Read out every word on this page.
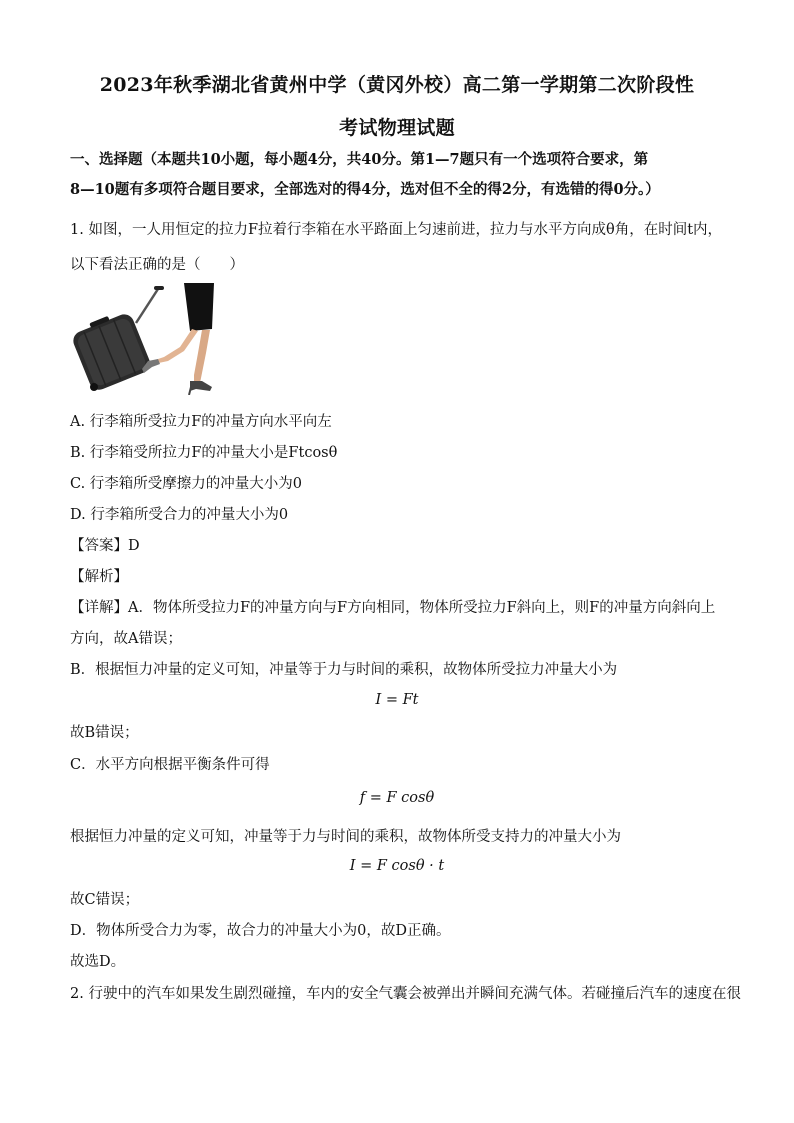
2023年秋季湖北省黄州中学（黄冈外校）高二第一学期第二次阶段性
考试物理试题
一、选择题（本题共10小题，每小题4分，共40分。第1—7题只有一个选项符合要求，第
8—10题有多项符合题目要求，全部选对的得4分，选对但不全的得2分，有选错的得0分。）
1. 如图，一人用恒定的拉力F拉着行李箱在水平路面上匀速前进，拉力与水平方向成θ角，在时间t内，
以下看法正确的是（　　）
A. 行李箱所受拉力F的冲量方向水平向左
B. 行李箱受所拉力F的冲量大小是Ftcosθ
C. 行李箱所受摩擦力的冲量大小为0
D. 行李箱所受合力的冲量大小为0
【答案】D
【解析】
【详解】A．物体所受拉力F的冲量方向与F方向相同，物体所受拉力F斜向上，则F的冲量方向斜向上
方向，故A错误；
B．根据恒力冲量的定义可知，冲量等于力与时间的乘积，故物体所受拉力冲量大小为
I = Ft
故B错误；
C．水平方向根据平衡条件可得
f = F cosθ
根据恒力冲量的定义可知，冲量等于力与时间的乘积，故物体所受支持力的冲量大小为
I = F cosθ · t
故C错误；
D．物体所受合力为零，故合力的冲量大小为0，故D正确。
故选D。
2. 行驶中的汽车如果发生剧烈碰撞，车内的安全气囊会被弹出并瞬间充满气体。若碰撞后汽车的速度在很
